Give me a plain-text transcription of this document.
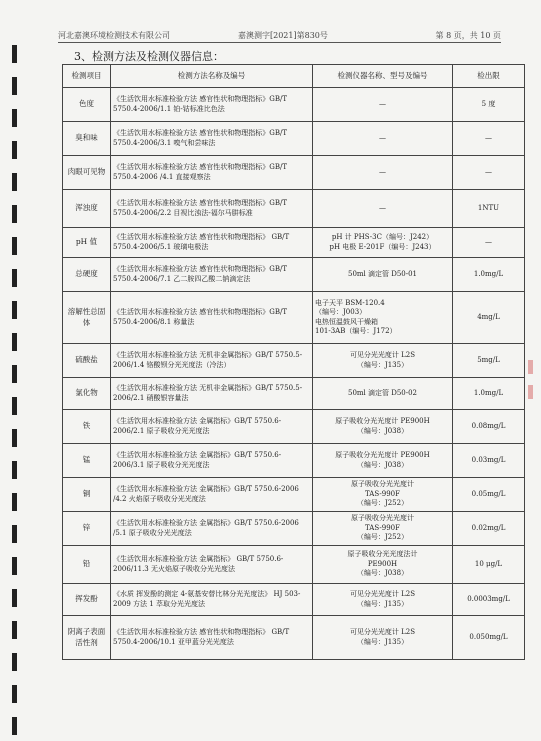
河北嘉澳环境检测技术有限公司	嘉澳测字[2021]第830号	第 8 页，共 10 页
3、检测方法及检测仪器信息：
检测项目	检测方法名称及编号	检测仪器名称、型号及编号	检出限
色度	《生活饮用水标准检验方法 感官性状和物理指标》GB/T 5750.4-2006/1.1 铂-钴标准比色法	—	5 度
臭和味	《生活饮用水标准检验方法 感官性状和物理指标》GB/T 5750.4-2006/3.1 嗅气和尝味法	—	—
肉眼可见物	《生活饮用水标准检验方法 感官性状和物理指标》GB/T 5750.4-2006 /4.1 直接观察法	—	—
浑浊度	《生活饮用水标准检验方法 感官性状和物理指标》GB/T 5750.4-2006/2.2 目视比浊法-福尔马肼标准	—	1NTU
pH 值	《生活饮用水标准检验方法 感官性状和物理指标》 GB/T 5750.4-2006/5.1 玻璃电极法	pH 计 PHS-3C（编号：J242）
pH 电极 E-201F（编号：J243）	—
总硬度	《生活饮用水标准检验方法 感官性状和物理指标》GB/T 5750.4-2006/7.1 乙二胺四乙酸二钠滴定法	50ml 滴定管 D50-01	1.0mg/L
溶解性总固体	《生活饮用水标准检验方法 感官性状和物理指标》GB/T 5750.4-2006/8.1 称量法	电子天平 BSM-120.4
（编号：J003）
电热恒温鼓风干燥箱
101-3AB（编号：J172）	4mg/L
硫酸盐	《生活饮用水标准检验方法 无机非金属指标》GB/T 5750.5-2006/1.4 铬酸钡分光光度法（冷法）	可见分光光度计 L2S
（编号：J135）	5mg/L
氯化物	《生活饮用水标准检验方法 无机非金属指标》GB/T 5750.5-2006/2.1 硝酸银容量法	50ml 滴定管 D50-02	1.0mg/L
铁	《生活饮用水标准检验方法 金属指标》GB/T 5750.6-2006/2.1 原子吸收分光光度法	原子吸收分光光度计 PE900H
（编号：J038）	0.08mg/L
锰	《生活饮用水标准检验方法 金属指标》GB/T 5750.6-2006/3.1 原子吸收分光光度法	原子吸收分光光度计 PE900H
（编号：J038）	0.03mg/L
铜	《生活饮用水标准检验方法 金属指标》GB/T 5750.6-2006 /4.2 火焰原子吸收分光光度法	原子吸收分光光度计
TAS-990F
（编号：J252）	0.05mg/L
锌	《生活饮用水标准检验方法 金属指标》GB/T 5750.6-2006 /5.1 原子吸收分光光度法	原子吸收分光光度计
TAS-990F
（编号：J252）	0.02mg/L
铅	《生活饮用水标准检验方法 金属指标》 GB/T 5750.6-2006/11.3 无火焰原子吸收分光光度法	原子吸收分光光度法计
PE900H
（编号：J038）	10 μg/L
挥发酚	《水质 挥发酚的测定 4-氨基安替比林分光光度法》 HJ 503-2009 方法 1 萃取分光光度法	可见分光光度计 L2S
（编号：J135）	0.0003mg/L
阴离子表面活性剂	《生活饮用水标准检验方法 感官性状和物理指标》 GB/T 5750.4-2006/10.1 亚甲蓝分光光度法	可见分光光度计 L2S
（编号：J135）	0.050mg/L
